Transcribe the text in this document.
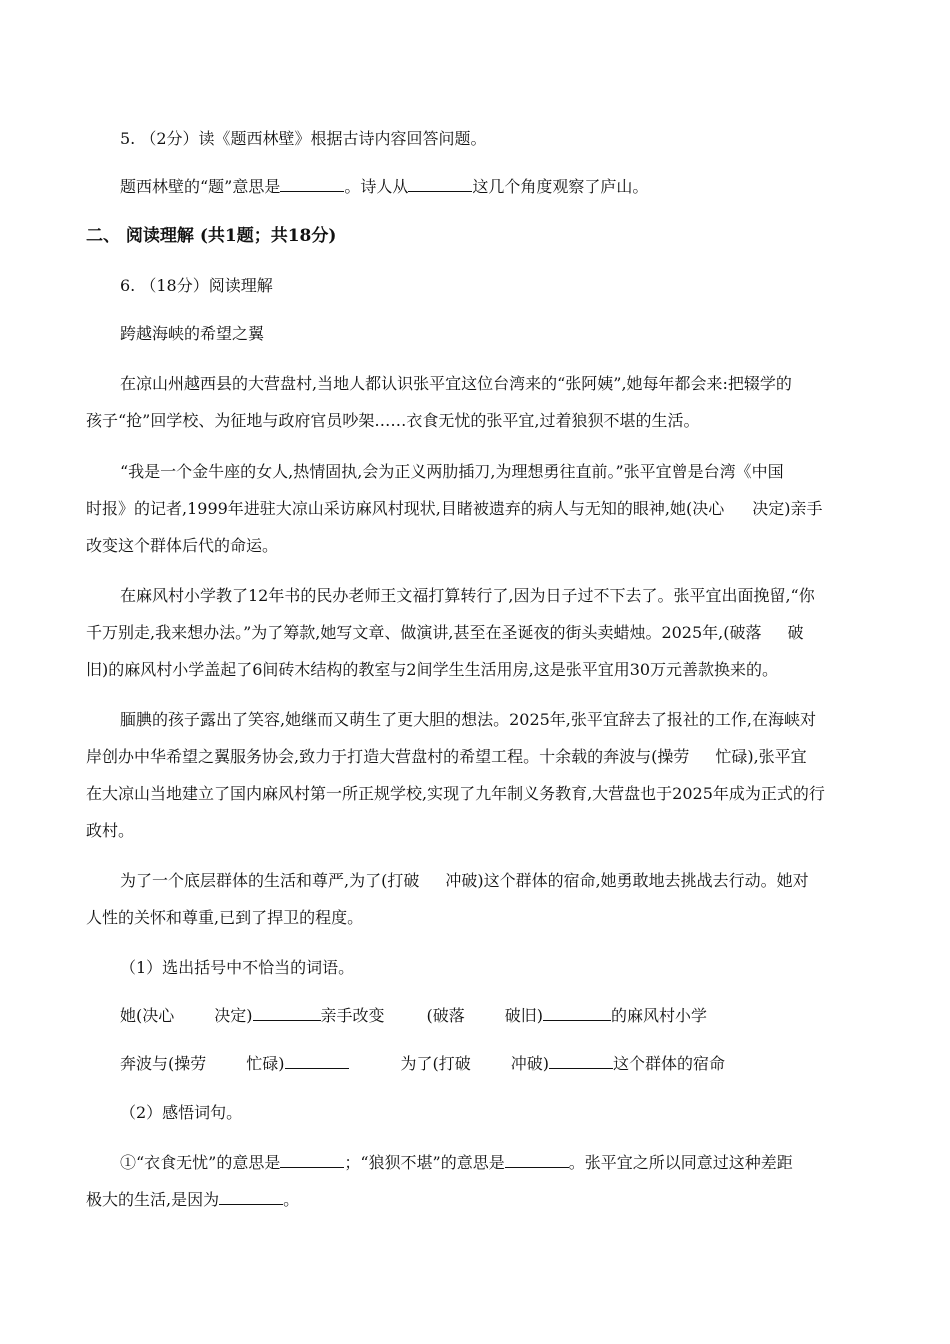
5. （2分）读《题西林壁》根据古诗内容回答问题。
题西林壁的“题”意思是	。诗人从	这几个角度观察了庐山。
二、 阅读理解 (共1题；共18分)
6. （18分）阅读理解
跨越海峡的希望之翼
在凉山州越西县的大营盘村,当地人都认识张平宜这位台湾来的“张阿姨”,她每年都会来:把辍学的
孩子“抢”回学校、为征地与政府官员吵架……衣食无忧的张平宜,过着狼狈不堪的生活。
“我是一个金牛座的女人,热情固执,会为正义两肋插刀,为理想勇往直前。”张平宜曾是台湾《中国
时报》的记者,1999年进驻大凉山采访麻风村现状,目睹被遗弃的病人与无知的眼神,她(决心 决定)亲手
改变这个群体后代的命运。
在麻风村小学教了12年书的民办老师王文福打算转行了,因为日子过不下去了。张平宜出面挽留,“你
千万别走,我来想办法。”为了筹款,她写文章、做演讲,甚至在圣诞夜的街头卖蜡烛。2025年,(破落 破
旧)的麻风村小学盖起了6间砖木结构的教室与2间学生生活用房,这是张平宜用30万元善款换来的。
腼腆的孩子露出了笑容,她继而又萌生了更大胆的想法。2025年,张平宜辞去了报社的工作,在海峡对
岸创办中华希望之翼服务协会,致力于打造大营盘村的希望工程。十余载的奔波与(操劳 忙碌),张平宜
在大凉山当地建立了国内麻风村第一所正规学校,实现了九年制义务教育,大营盘也于2025年成为正式的行
政村。
为了一个底层群体的生活和尊严,为了(打破 冲破)这个群体的宿命,她勇敢地去挑战去行动。她对
人性的关怀和尊重,已到了捍卫的程度。
（1）选出括号中不恰当的词语。
她(决心	决定)	亲手改变	(破落	破旧)	的麻风村小学
奔波与(操劳	忙碌)	为了(打破	冲破)	这个群体的宿命
（2）感悟词句。
①“衣食无忧”的意思是	；“狼狈不堪”的意思是	。张平宜之所以同意过这种差距
极大的生活,是因为	。
